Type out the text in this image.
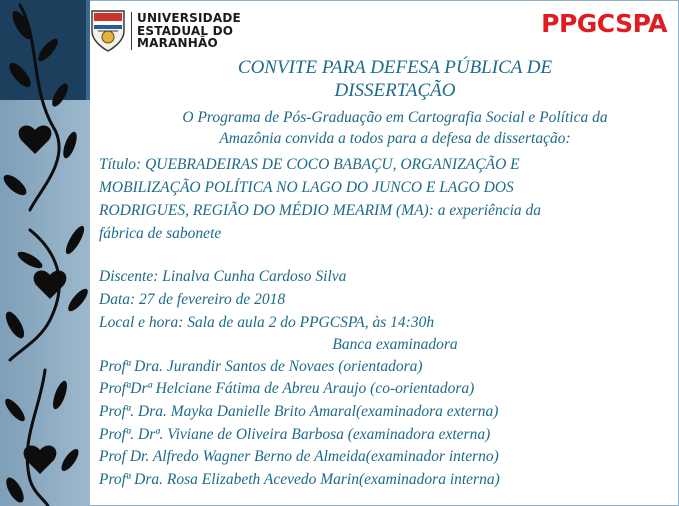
UNIVERSIDADE
ESTADUAL DO
MARANHÃO
PPGCSPA
CONVITE PARA DEFESA PÚBLICA DE
DISSERTAÇÃO
O Programa de Pós-Graduação em Cartografia Social e Política da
Amazônia convida a todos para a defesa de dissertação:
Título: QUEBRADEIRAS DE COCO BABAÇU, ORGANIZAÇÃO E
MOBILIZAÇÃO POLÍTICA NO LAGO DO JUNCO E LAGO DOS
RODRIGUES, REGIÃO DO MÉDIO MEARIM (MA): a experiência da
fábrica de sabonete
Discente: Linalva Cunha Cardoso Silva
Data: 27 de fevereiro de 2018
Local e hora: Sala de aula 2 do PPGCSPA, às 14:30h
Banca examinadora
Profª Dra. Jurandir Santos de Novaes (orientadora)
ProfªDrª Helciane Fátima de Abreu Araujo (co-orientadora)
Profª. Dra. Mayka Danielle Brito Amaral(examinadora externa)
Profª. Drª. Viviane de Oliveira Barbosa (examinadora externa)
Prof Dr. Alfredo Wagner Berno de Almeida(examinador interno)
Profª Dra. Rosa Elizabeth Acevedo Marin(examinadora interna)
